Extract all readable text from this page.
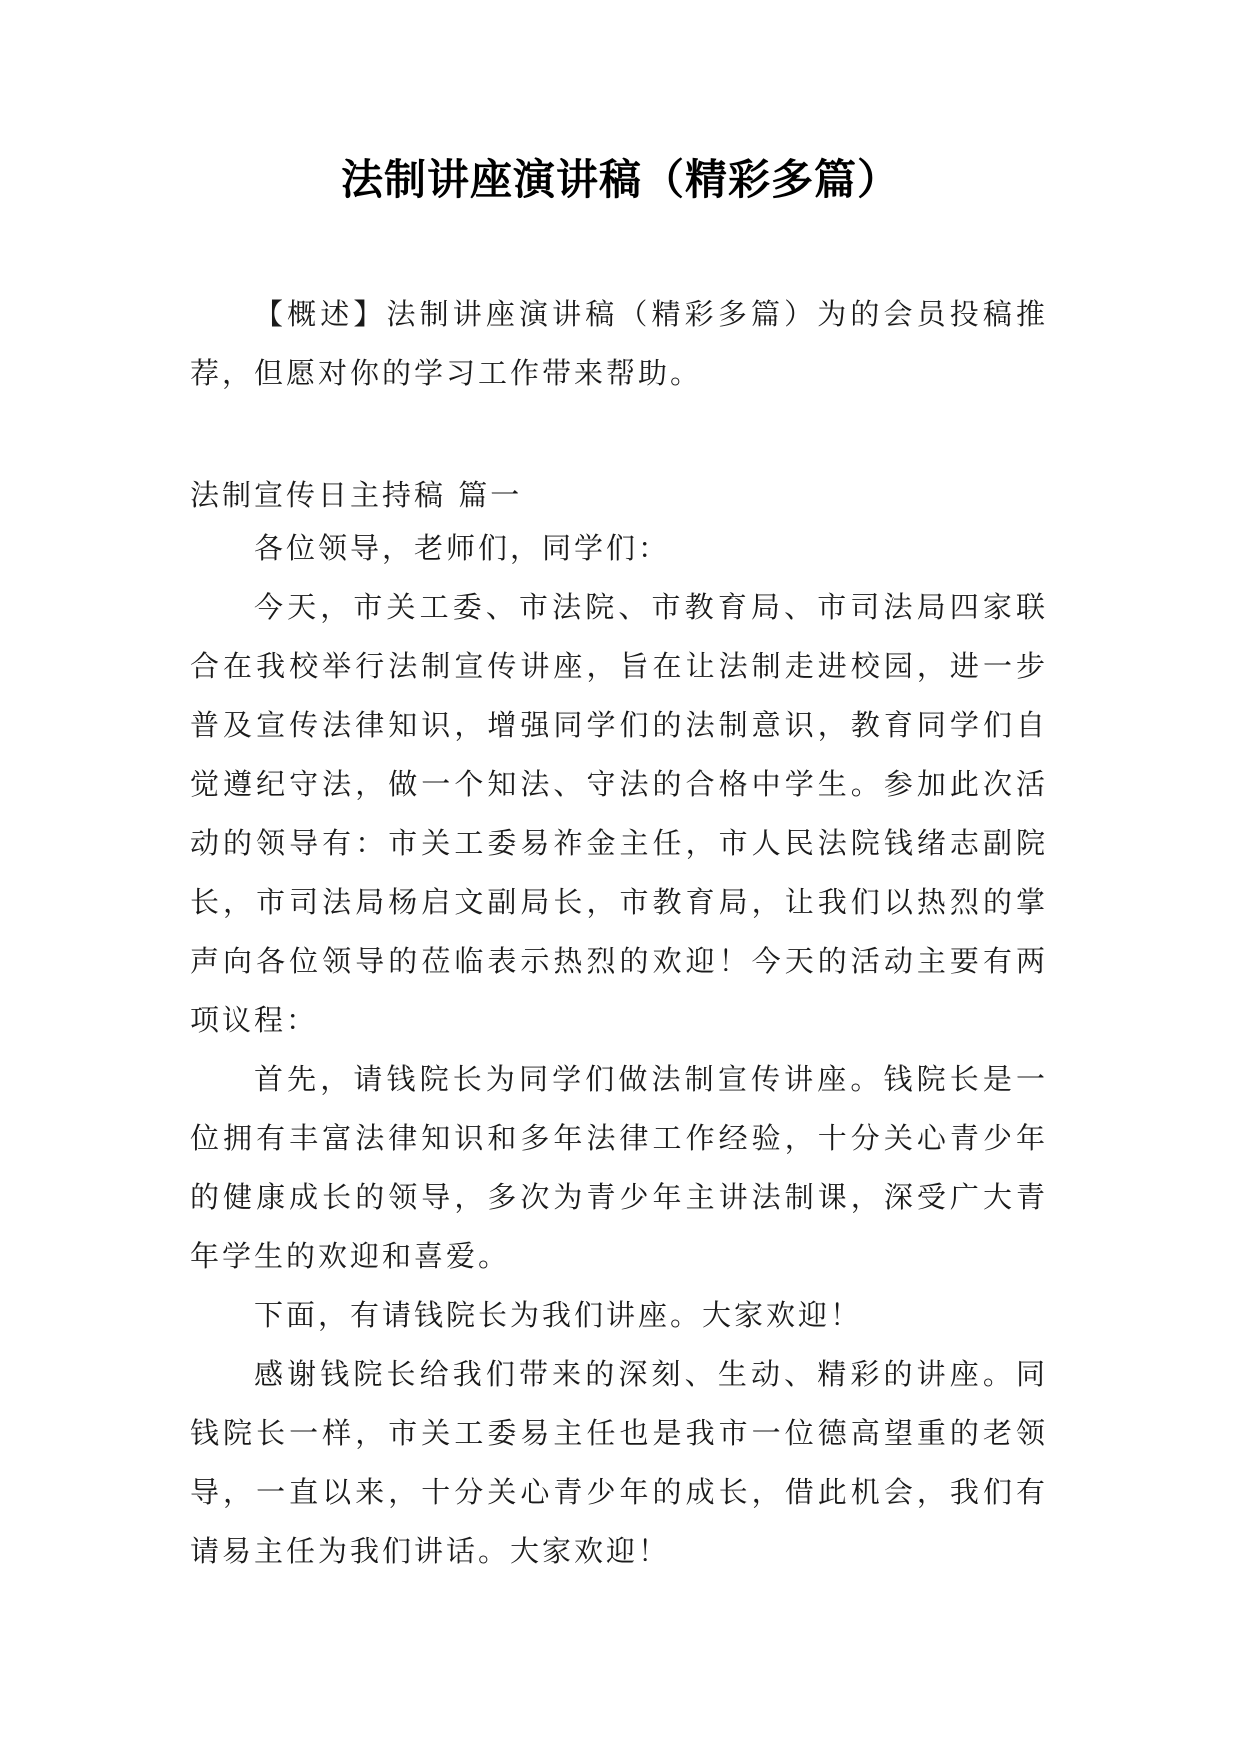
法制讲座演讲稿（精彩多篇）

【概述】法制讲座演讲稿（精彩多篇）为的会员投稿推荐，但愿对你的学习工作带来帮助。

法制宣传日主持稿 篇一

各位领导，老师们，同学们：

今天，市关工委、市法院、市教育局、市司法局四家联合在我校举行法制宣传讲座，旨在让法制走进校园，进一步普及宣传法律知识，增强同学们的法制意识，教育同学们自觉遵纪守法，做一个知法、守法的合格中学生。参加此次活动的领导有：市关工委易祚金主任，市人民法院钱绪志副院长，市司法局杨启文副局长，市教育局，让我们以热烈的掌声向各位领导的莅临表示热烈的欢迎！今天的活动主要有两项议程：

首先，请钱院长为同学们做法制宣传讲座。钱院长是一位拥有丰富法律知识和多年法律工作经验，十分关心青少年的健康成长的领导，多次为青少年主讲法制课，深受广大青年学生的欢迎和喜爱。

下面，有请钱院长为我们讲座。大家欢迎！

感谢钱院长给我们带来的深刻、生动、精彩的讲座。同钱院长一样，市关工委易主任也是我市一位德高望重的老领导，一直以来，十分关心青少年的成长，借此机会，我们有请易主任为我们讲话。大家欢迎！
